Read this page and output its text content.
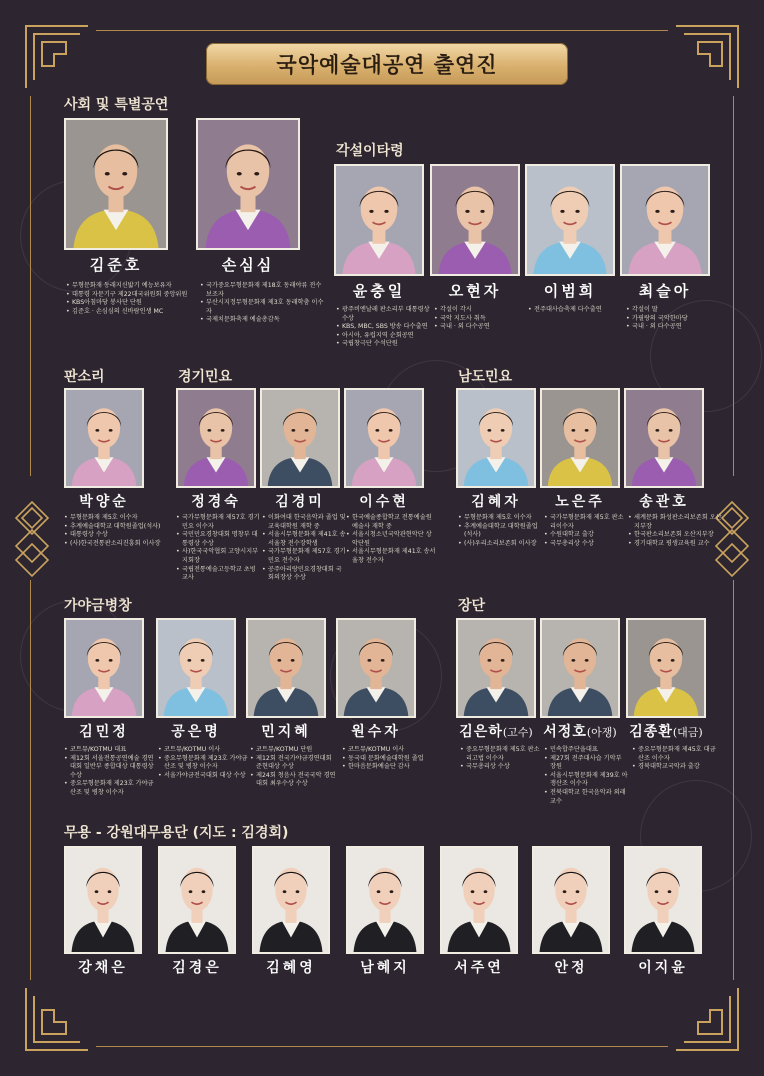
국악예술대공연 출연진
사회 및 특별공연
각설이타령
판소리	경기민요	남도민요
가야금병창	장단
무용 - 강원대무용단 (지도 : 김경회)
김준호
• 무형문화재 동래지신밟기 예능보유자
• 대통령 자문기구 제22대국위원회 중앙위원
• KBS아침마당 봉사단 단원
• 김준호 · 손심심의 신바람인생 MC
손심심
• 국가중요무형문화재 제18호 동래야류 전수보조자
• 부산시지정무형문화재 제3호 동래학춤 이수자
• 국제치문화축제 예술총감독
윤충일
• 광주비엔날레 판소리부 대통령상 수상
• KBS, MBC, SBS 방송 다수출연
• 아시아, 유럽지역 순회공연
• 국립창극단 수석단원
오현자
• 각설이 각시
• 국악 지도사 취득
• 국내 · 외 다수공연
이범희
• 전주대사습축제 다수출연
최슬아
• 각설이 딸
• 가필랑의 국악한마당
• 국내 · 외 다수공연
박양순
• 무형문화재 제5호 이수자
• 추계예술대학교 대학원졸업(석사)
• 대통령상 수상
• (사)한국전통판소리진흥회 이사장
정경숙
• 국가무형문화재 제57호 경기민요 이수자
• 국민민요경창대회 명창부 대통령상 수상
• 사)한국국악협회 고양시지부 지회장
• 국립전통예술고등학교 초빙교사
김경미
• 이화여대 한국음악과 졸업 및 교육대학원 재학 중
• 서울시무형문화재 제41호 송서율창 전수장학생
• 국가무형문화재 제57호 경기민요 전수자
• 공주아리랑민요경창대회 국회의장상 수상
이수현
• 한국예술종합학교 전통예술원 예술사 재학 중
• 서울시청소년국악관현악단 상악단원
• 서울시무형문화재 제41호 송서율창 전수자
김혜자
• 무형문화재 제5호 이수자
• 추계예술대학교 대학원졸업(석사)
• (사)우리소리보존회 이사장
노은주
• 국가무형문화재 제5호 판소리이수자
• 수원대학교 출강
• 국무총리상 수상
송관호
• 세계문화 화성판소리보존회 오산지부장
• 한국판소리보존회 오산지부장
• 경기대학교 평생교육원 교수
김민정
• 코트뮤/KOTMU 대표
• 제12회 서울전통공연예술 경연대회 일반부 종합대상 대통령상 수상
• 중요무형문화재 제23호 가야금산조 및 병창 이수자
공은명
• 코트뮤/KOTMU 이사
• 중요무형문화재 제23호 가야금산조 및 병창 이수자
• 서울가야금전국대회 대상 수상
민지혜
• 코트뮤/KOTMU 단원
• 제12회 전국가야금경연대회 준현대상 수상
• 제24회 청음사 전국국악 경연대회 최우수상 수상
원수자
• 코트뮤/KOTMU 이사
• 동국대 문화예술대학원 졸업
• 한마음문화예술단 감사
김은하(고수)
• 중요무형문화재 제5호 판소리고법 이수자
• 국무총리상 수상
서정호(아쟁)
• 민속합주단을대표
• 제27회 전주대사습 기악부 장원
• 서울시무형문화재 제39호 아쟁산조 이수자
• 전북대학교 한국음악과 외래교수
김종환(대금)
• 중요무형문화재 제45호 대금산조 이수자
• 경북대학교국악과 출강
강채은	김경은	김혜영	남혜지	서주연	안정	이지윤
